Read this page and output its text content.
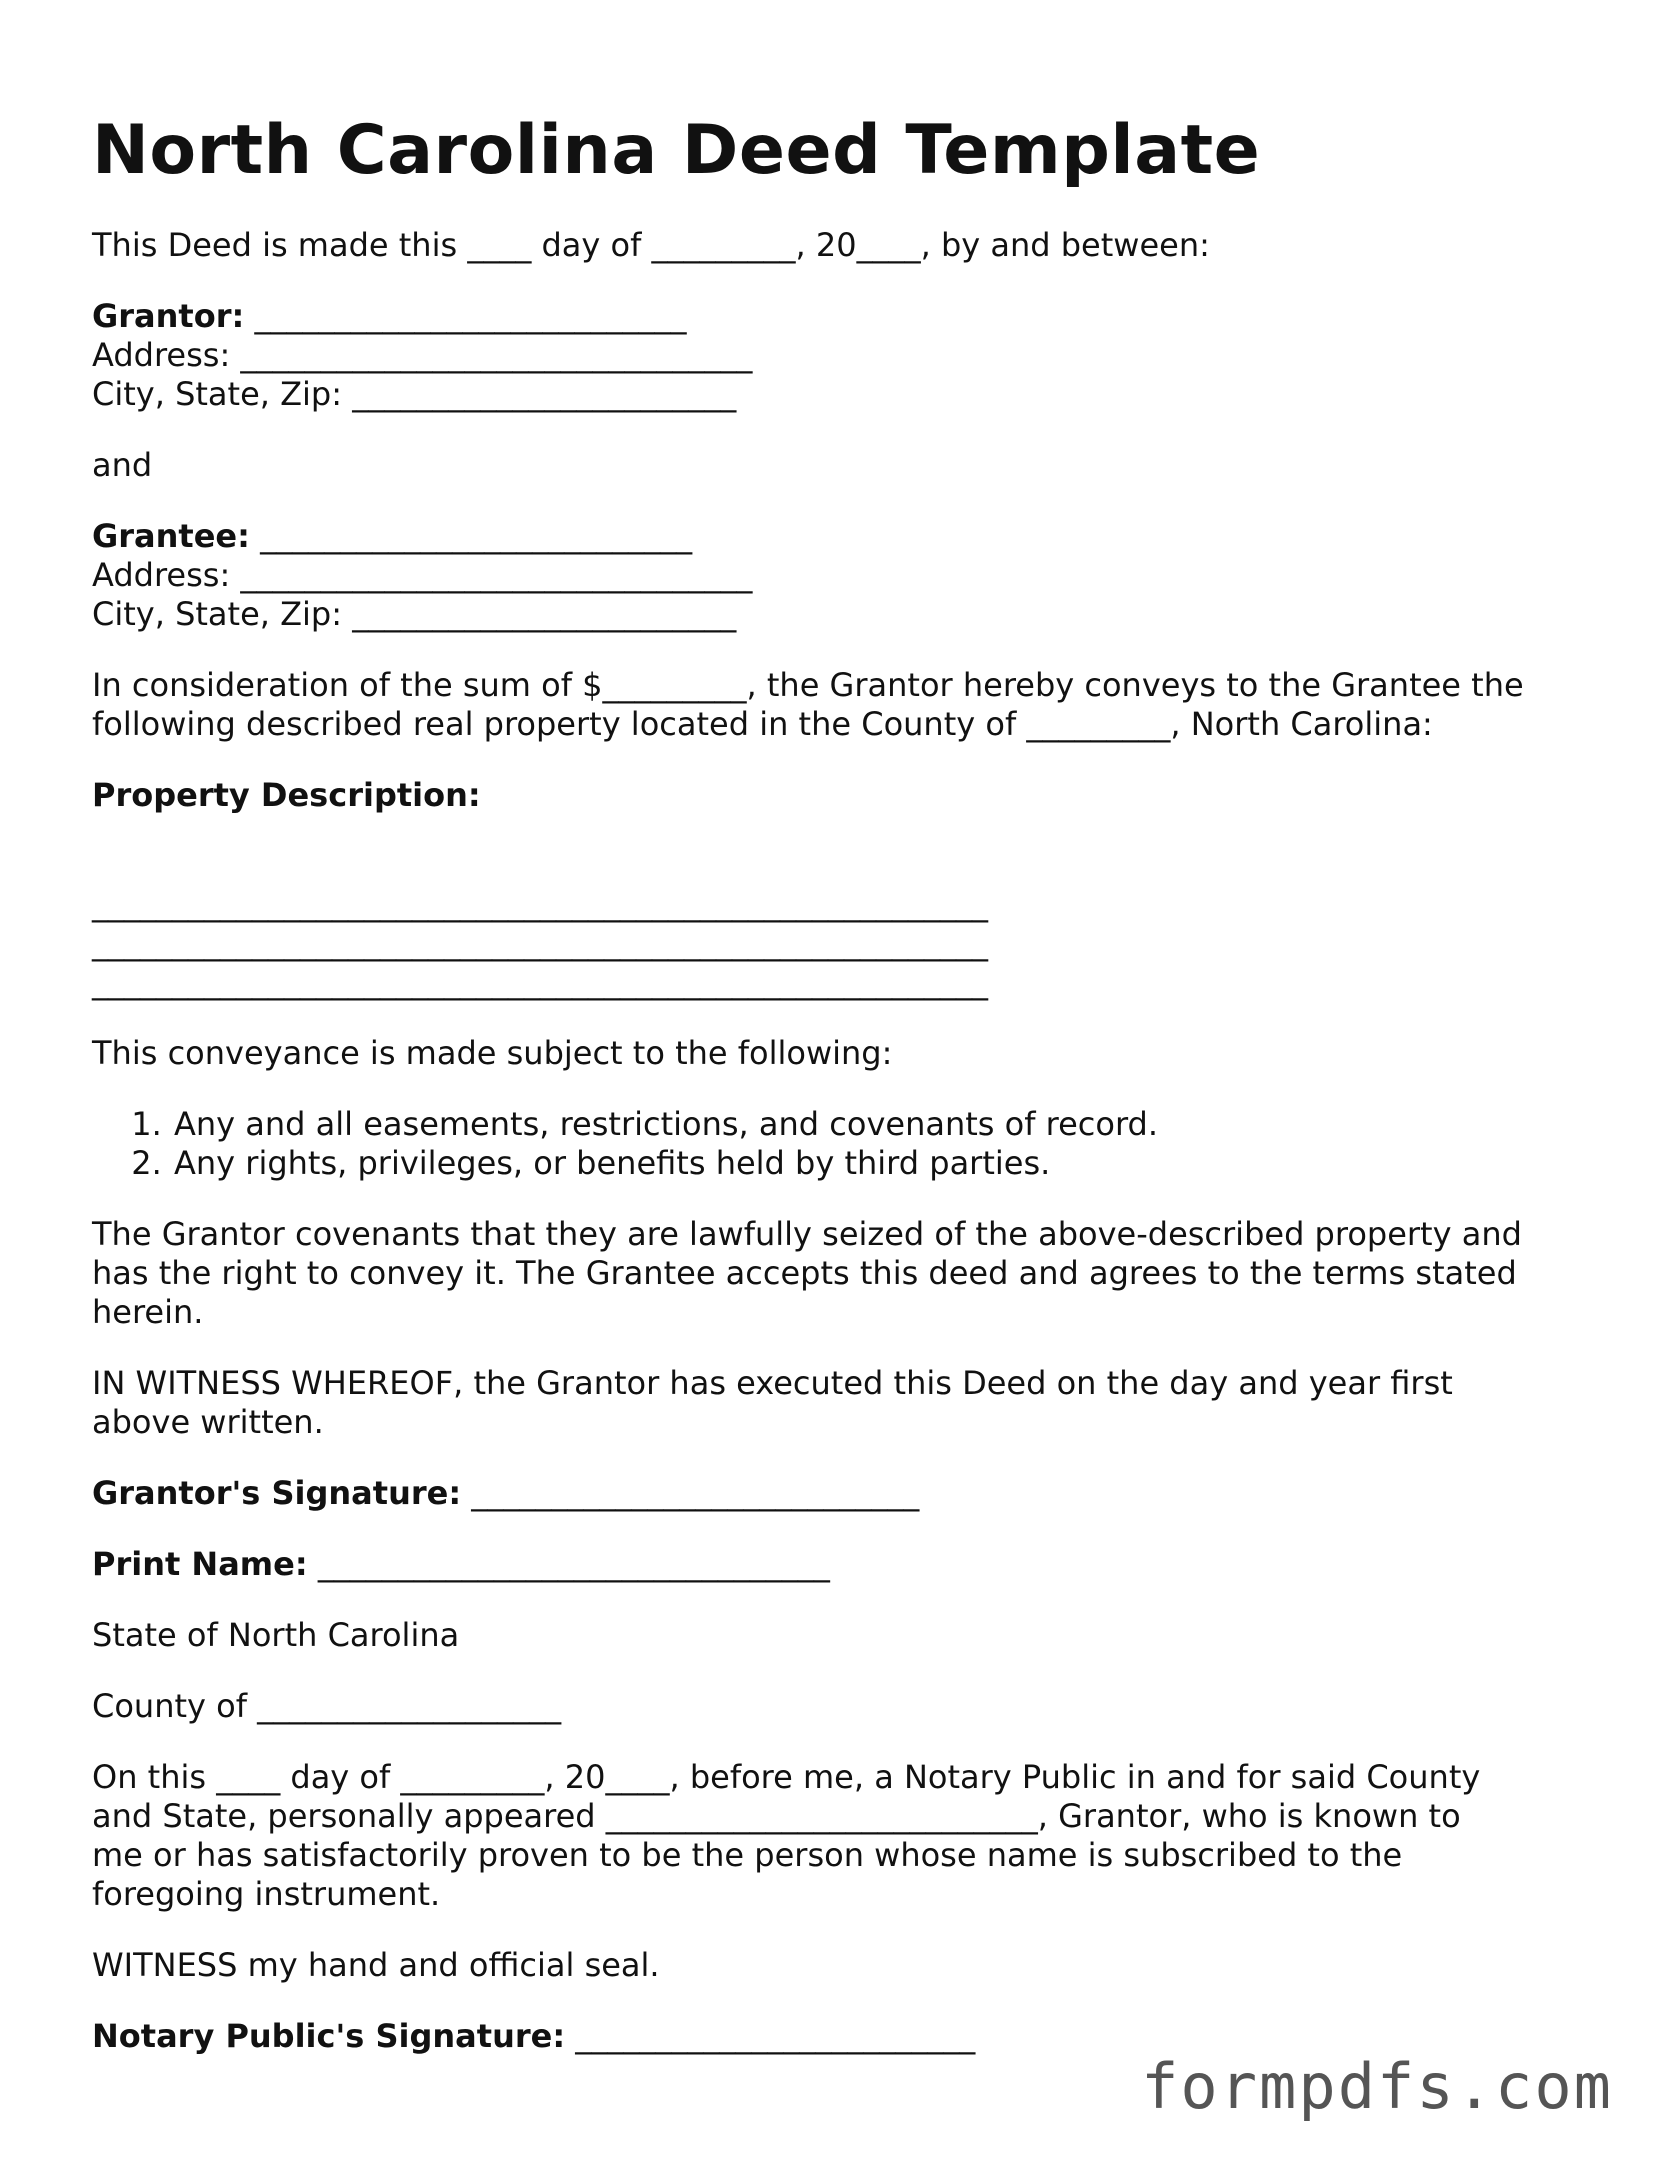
North Carolina Deed Template

This Deed is made this ____ day of _________, 20____, by and between:

Grantor: ___________________________
Address: ________________________________
City, State, Zip: ________________________

and

Grantee: ___________________________
Address: ________________________________
City, State, Zip: ________________________
In consideration of the sum of $_________, the Grantor hereby conveys to the Grantee the
following described real property located in the County of _________, North Carolina:

Property Description:

________________________________________________________
________________________________________________________
________________________________________________________

This conveyance is made subject to the following:

1. Any and all easements, restrictions, and covenants of record.
2. Any rights, privileges, or benefits held by third parties.
The Grantor covenants that they are lawfully seized of the above-described property and
has the right to convey it. The Grantee accepts this deed and agrees to the terms stated
herein.
IN WITNESS WHEREOF, the Grantor has executed this Deed on the day and year first
above written.

Grantor's Signature: ____________________________

Print Name: ________________________________

State of North Carolina

County of ___________________

On this ____ day of _________, 20____, before me, a Notary Public in and for said County
and State, personally appeared ___________________________, Grantor, who is known to
me or has satisfactorily proven to be the person whose name is subscribed to the
foregoing instrument.

WITNESS my hand and official seal.

Notary Public's Signature: _________________________

formpdfs.com
